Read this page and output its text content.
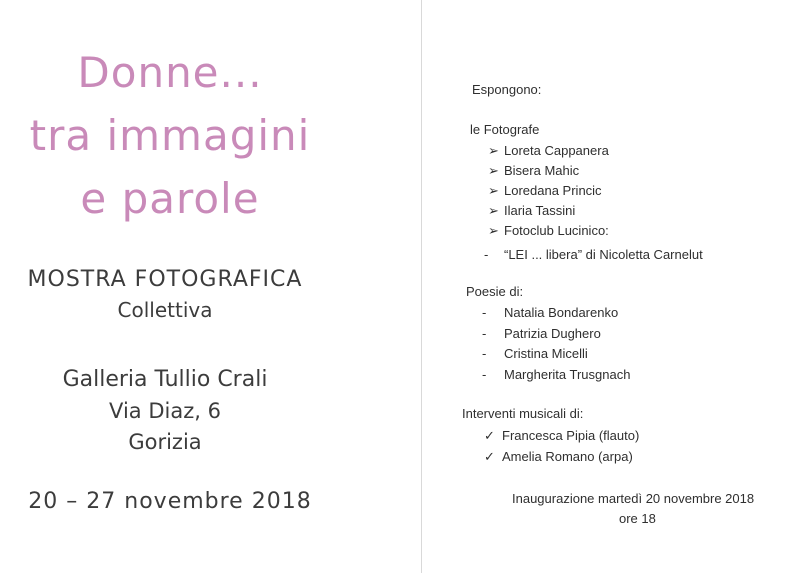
Donne...
tra immagini
e parole
MOSTRA FOTOGRAFICA
Collettiva
Galleria Tullio Crali
Via Diaz, 6
Gorizia
20 – 27 novembre 2018
Espongono:
le Fotografe
➢ Loreta Cappanera
➢ Bisera Mahic
➢ Loredana Princic
➢ Ilaria Tassini
➢ Fotoclub Lucinico:
- “LEI ... libera” di Nicoletta Carnelut
Poesie di:
- Natalia Bondarenko
- Patrizia Dughero
- Cristina Micelli
- Margherita Trusgnach
Interventi musicali di:
✓ Francesca Pipia (flauto)
✓ Amelia Romano (arpa)
Inaugurazione martedì 20 novembre 2018
ore 18
